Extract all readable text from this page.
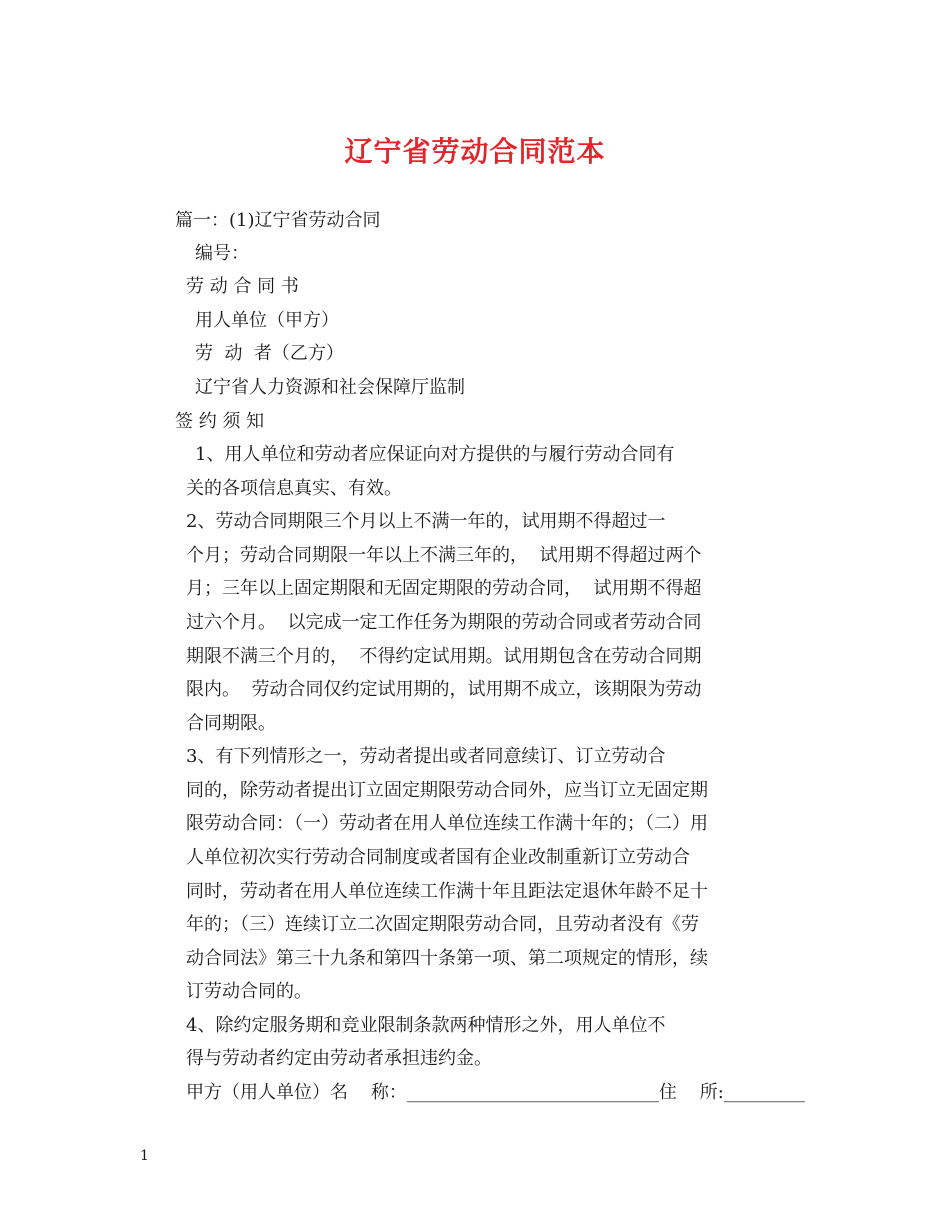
辽宁省劳动合同范本
篇一：(1)辽宁省劳动合同
编号：
劳 动 合 同 书
用人单位（甲方）
劳  动  者（乙方）
辽宁省人力资源和社会保障厅监制
签 约 须 知
1、用人单位和劳动者应保证向对方提供的与履行劳动合同有
关的各项信息真实、有效。
2、劳动合同期限三个月以上不满一年的，试用期不得超过一
个月；劳动合同期限一年以上不满三年的，  试用期不得超过两个
月；三年以上固定期限和无固定期限的劳动合同，  试用期不得超
过六个月。  以完成一定工作任务为期限的劳动合同或者劳动合同
期限不满三个月的，  不得约定试用期。试用期包含在劳动合同期
限内。  劳动合同仅约定试用期的，试用期不成立，该期限为劳动
合同期限。
3、有下列情形之一，劳动者提出或者同意续订、订立劳动合
同的，除劳动者提出订立固定期限劳动合同外，应当订立无固定期
限劳动合同：（一）劳动者在用人单位连续工作满十年的；（二）用
人单位初次实行劳动合同制度或者国有企业改制重新订立劳动合
同时，劳动者在用人单位连续工作满十年且距法定退休年龄不足十
年的；（三）连续订立二次固定期限劳动合同，且劳动者没有《劳
动合同法》第三十九条和第四十条第一项、第二项规定的情形，续
订劳动合同的。
4、除约定服务期和竞业限制条款两种情形之外，用人单位不
得与劳动者约定由劳动者承担违约金。
甲方（用人单位）名    称：____________________________住    所:_________
1
